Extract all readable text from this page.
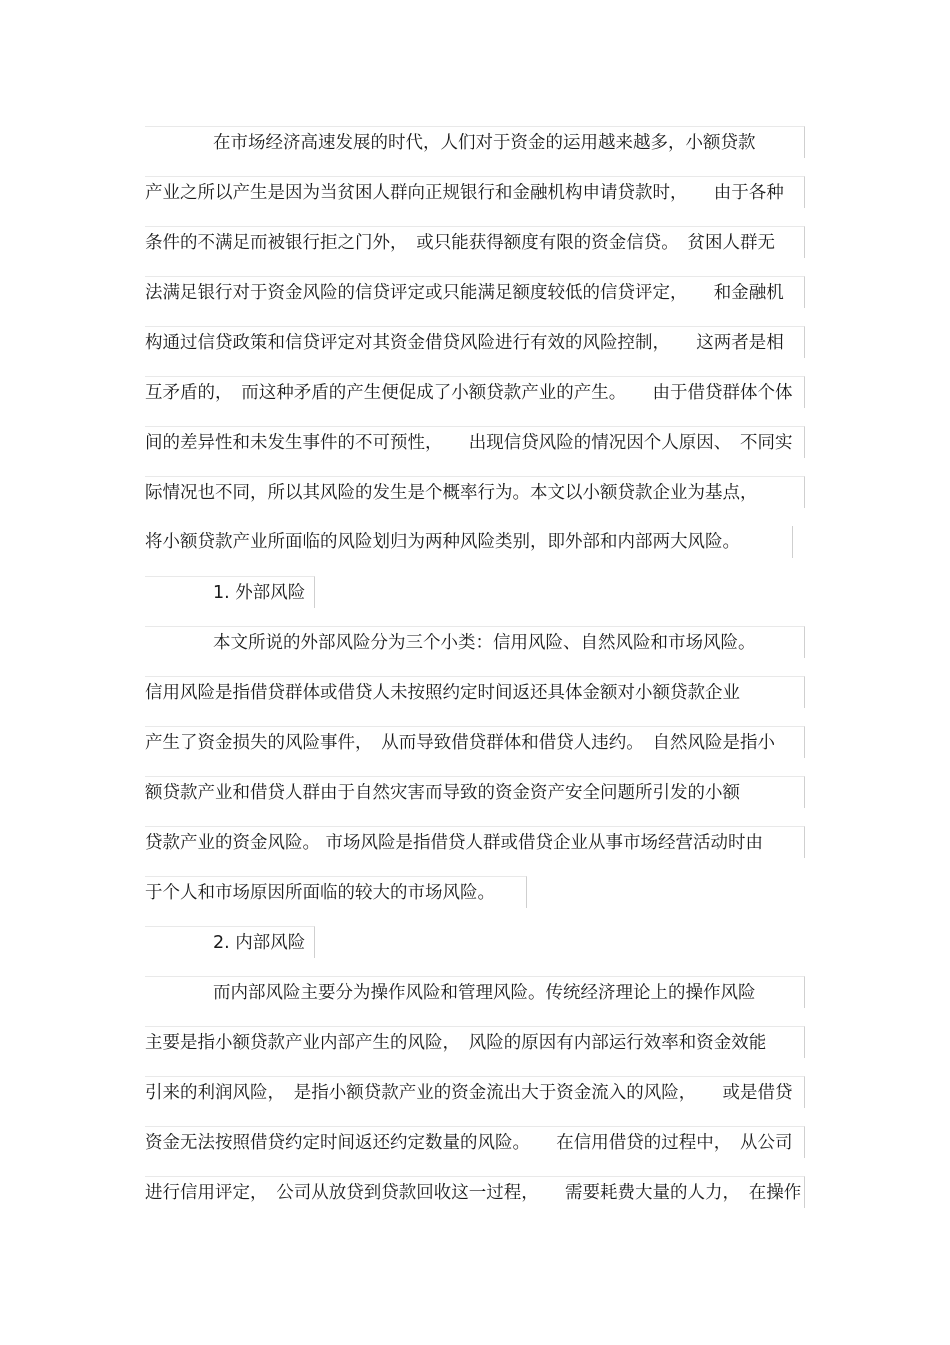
在市场经济高速发展的时代，人们对于资金的运用越来越多，小额贷款
产业之所以产生是因为当贫困人群向正规银行和金融机构申请贷款时，　　由于各种
条件的不满足而被银行拒之门外，　或只能获得额度有限的资金信贷。　贫困人群无
法满足银行对于资金风险的信贷评定或只能满足额度较低的信贷评定，　　和金融机
构通过信贷政策和信贷评定对其资金借贷风险进行有效的风险控制，　　这两者是相
互矛盾的，　而这种矛盾的产生便促成了小额贷款产业的产生。　　由于借贷群体个体
间的差异性和未发生事件的不可预性，　　出现信贷风险的情况因个人原因、　不同实
际情况也不同，所以其风险的发生是个概率行为。本文以小额贷款企业为基点，
将小额贷款产业所面临的风险划归为两种风险类别，即外部和内部两大风险。
1. 外部风险
本文所说的外部风险分为三个小类：信用风险、自然风险和市场风险。
信用风险是指借贷群体或借贷人未按照约定时间返还具体金额对小额贷款企业
产生了资金损失的风险事件，　从而导致借贷群体和借贷人违约。　自然风险是指小
额贷款产业和借贷人群由于自然灾害而导致的资金资产安全问题所引发的小额
贷款产业的资金风险。 市场风险是指借贷人群或借贷企业从事市场经营活动时由
于个人和市场原因所面临的较大的市场风险。
2. 内部风险
而内部风险主要分为操作风险和管理风险。传统经济理论上的操作风险
主要是指小额贷款产业内部产生的风险，　风险的原因有内部运行效率和资金效能
引来的利润风险，　是指小额贷款产业的资金流出大于资金流入的风险，　　或是借贷
资金无法按照借贷约定时间返还约定数量的风险。　　在信用借贷的过程中，　从公司
进行信用评定，　公司从放贷到贷款回收这一过程，　　需要耗费大量的人力，　在操作
